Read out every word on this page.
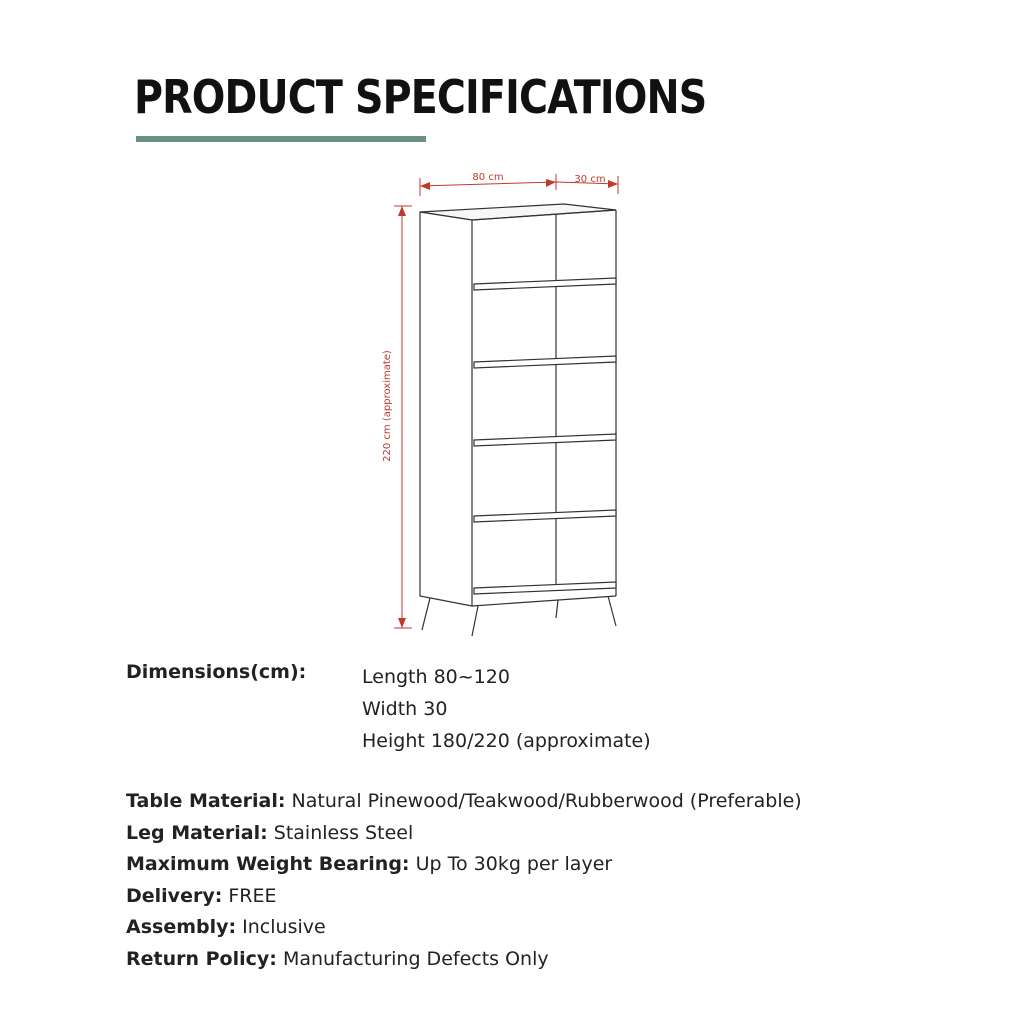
PRODUCT SPECIFICATIONS
80 cm	30 cm
220 cm (approximate)
Dimensions(cm):	Length 80~120
Width 30
Height 180/220 (approximate)
Table Material: Natural Pinewood/Teakwood/Rubberwood (Preferable)
Leg Material: Stainless Steel
Maximum Weight Bearing: Up To 30kg per layer
Delivery: FREE
Assembly: Inclusive
Return Policy: Manufacturing Defects Only
